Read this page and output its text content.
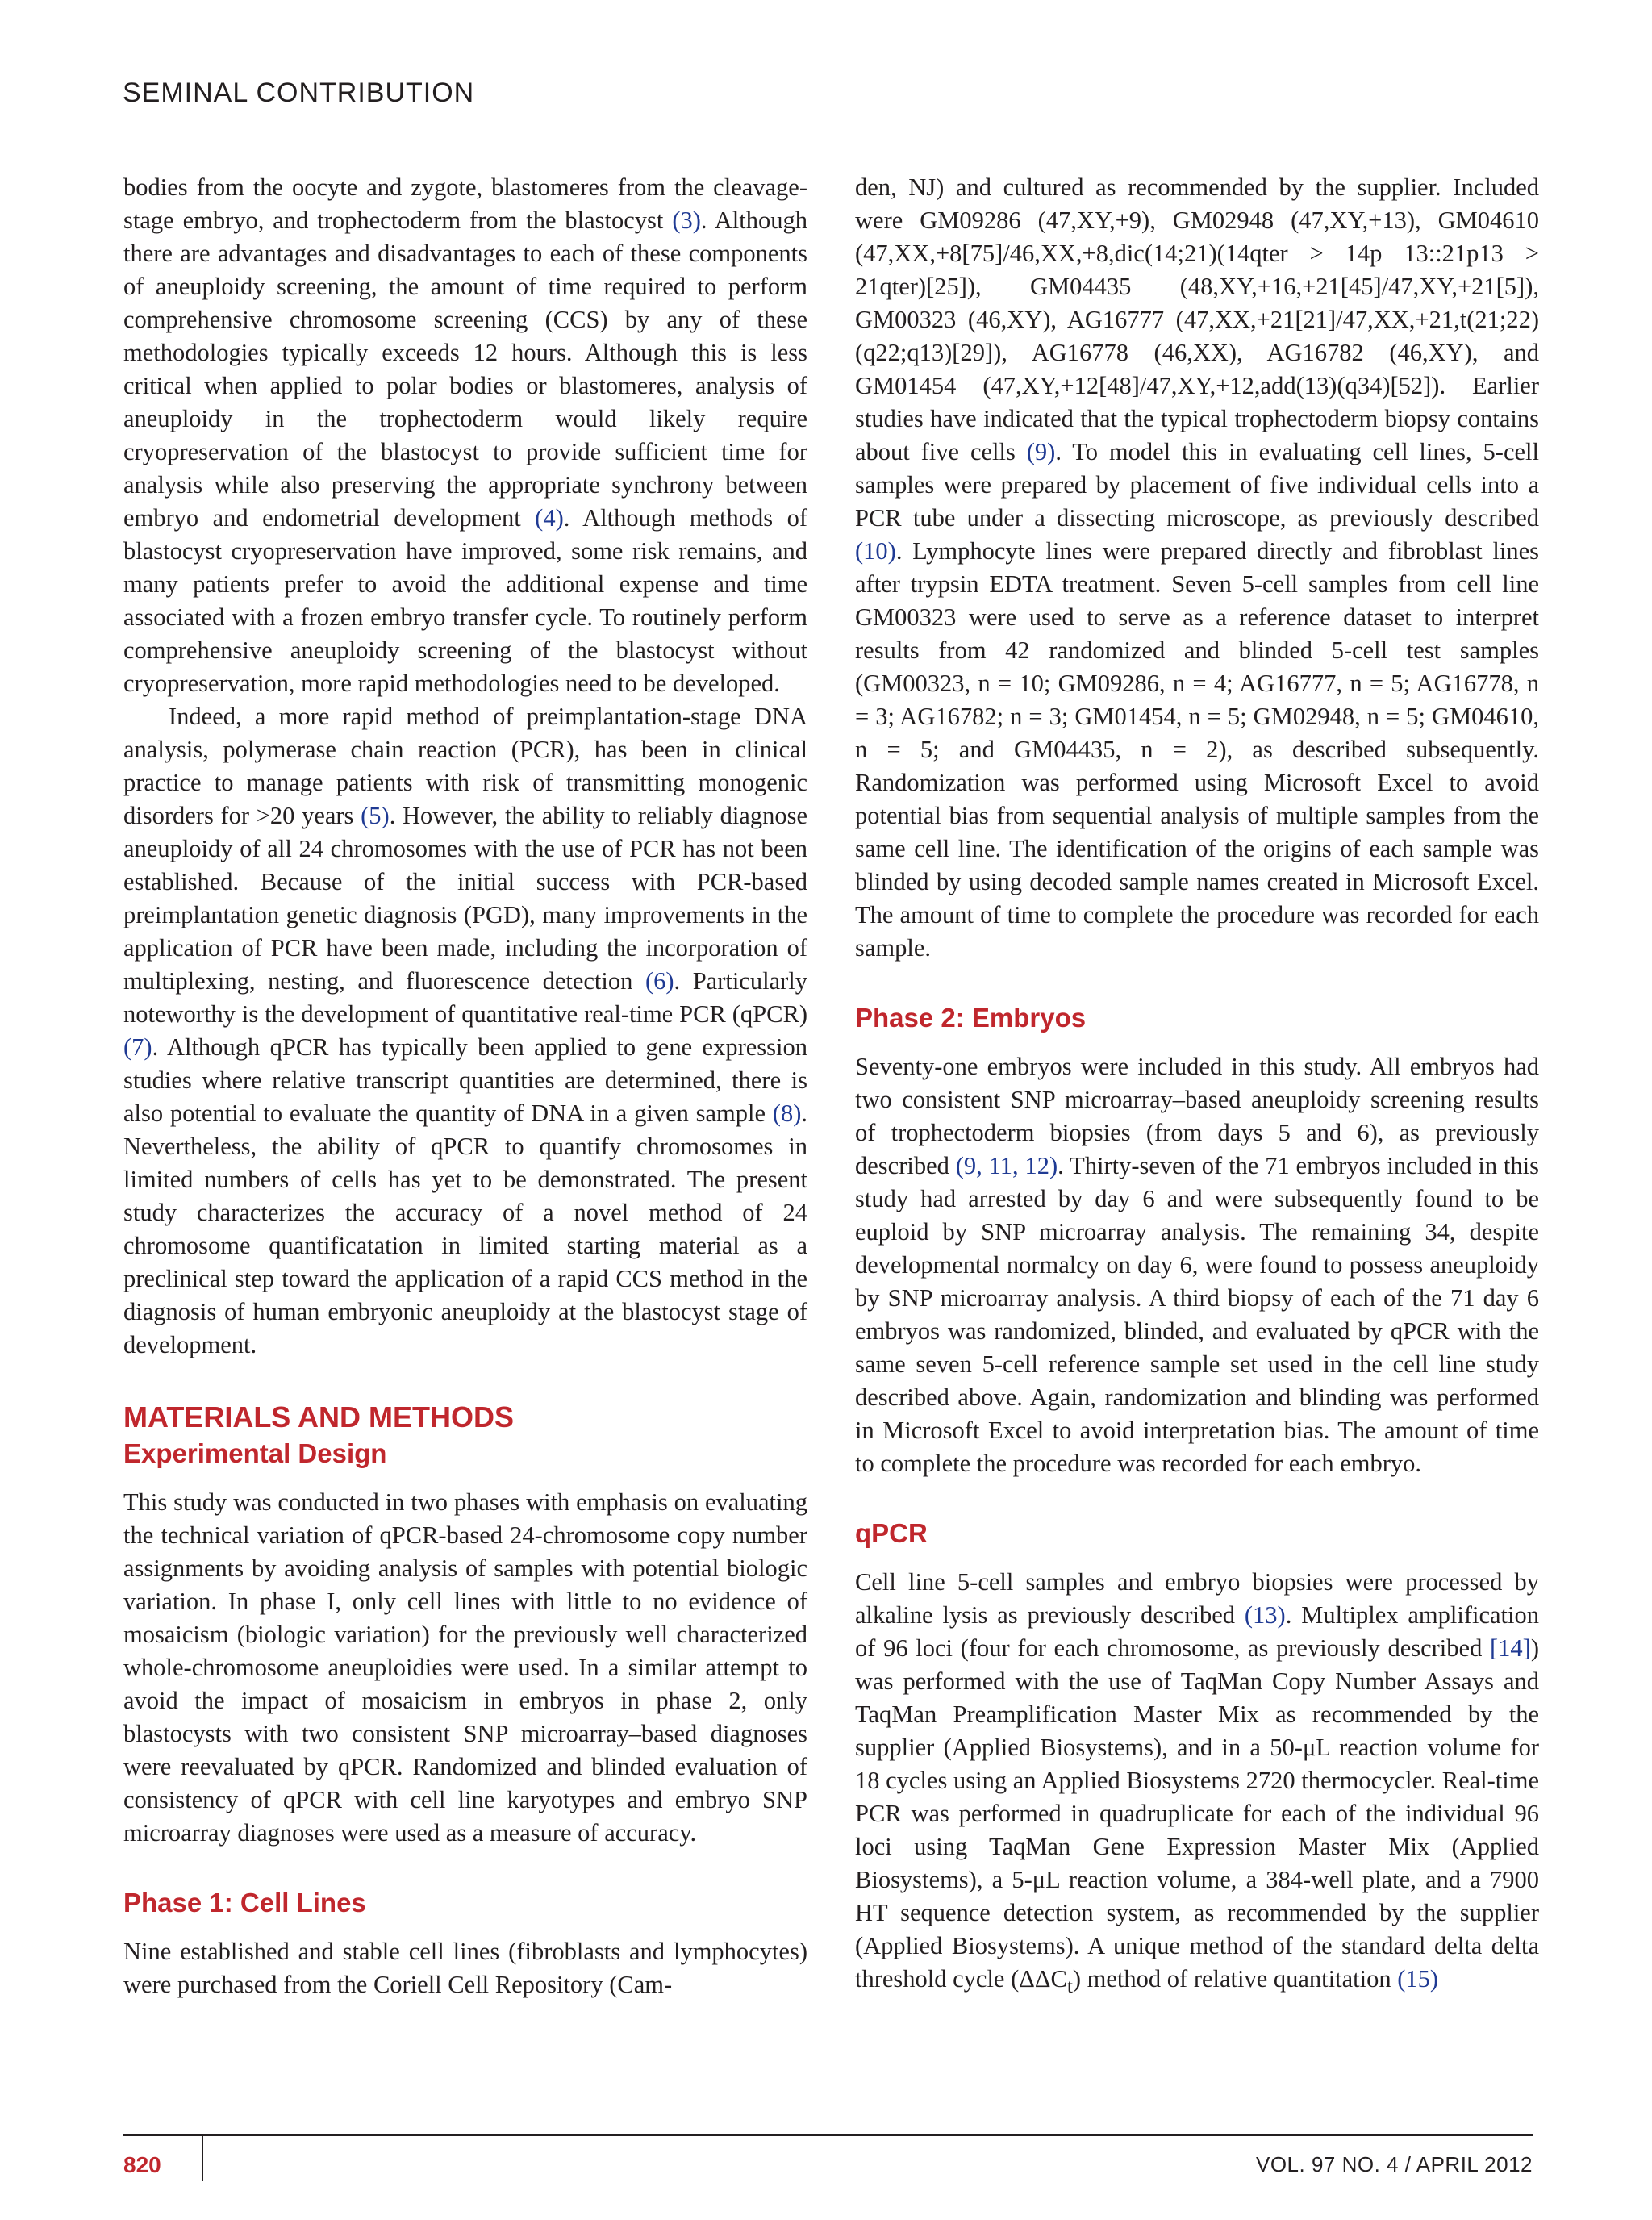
SEMINAL CONTRIBUTION

bodies from the oocyte and zygote, blastomeres from the cleavage-stage embryo, and trophectoderm from the blastocyst (3). Although there are advantages and disadvantages to each of these components of aneuploidy screening, the amount of time required to perform comprehensive chromosome screening (CCS) by any of these methodologies typically exceeds 12 hours. Although this is less critical when applied to polar bodies or blastomeres, analysis of aneuploidy in the trophectoderm would likely require cryopreservation of the blastocyst to provide sufficient time for analysis while also preserving the appropriate synchrony between embryo and endometrial development (4). Although methods of blastocyst cryopreservation have improved, some risk remains, and many patients prefer to avoid the additional expense and time associated with a frozen embryo transfer cycle. To routinely perform comprehensive aneuploidy screening of the blastocyst without cryopreservation, more rapid methodologies need to be developed.

Indeed, a more rapid method of preimplantation-stage DNA analysis, polymerase chain reaction (PCR), has been in clinical practice to manage patients with risk of transmitting monogenic disorders for >20 years (5). However, the ability to reliably diagnose aneuploidy of all 24 chromosomes with the use of PCR has not been established. Because of the initial success with PCR-based preimplantation genetic diagnosis (PGD), many improvements in the application of PCR have been made, including the incorporation of multiplexing, nesting, and fluorescence detection (6). Particularly noteworthy is the development of quantitative real-time PCR (qPCR) (7). Although qPCR has typically been applied to gene expression studies where relative transcript quantities are determined, there is also potential to evaluate the quantity of DNA in a given sample (8). Nevertheless, the ability of qPCR to quantify chromosomes in limited numbers of cells has yet to be demonstrated. The present study characterizes the accuracy of a novel method of 24 chromosome quantificatation in limited starting material as a preclinical step toward the application of a rapid CCS method in the diagnosis of human embryonic aneuploidy at the blastocyst stage of development.

MATERIALS AND METHODS
Experimental Design

This study was conducted in two phases with emphasis on evaluating the technical variation of qPCR-based 24-chromosome copy number assignments by avoiding analysis of samples with potential biologic variation. In phase I, only cell lines with little to no evidence of mosaicism (biologic variation) for the previously well characterized whole-chromosome aneuploidies were used. In a similar attempt to avoid the impact of mosaicism in embryos in phase 2, only blastocysts with two consistent SNP microarray–based diagnoses were reevaluated by qPCR. Randomized and blinded evaluation of consistency of qPCR with cell line karyotypes and embryo SNP microarray diagnoses were used as a measure of accuracy.

Phase 1: Cell Lines

Nine established and stable cell lines (fibroblasts and lymphocytes) were purchased from the Coriell Cell Repository (Cam-

den, NJ) and cultured as recommended by the supplier. Included were GM09286 (47,XY,+9), GM02948 (47,XY,+13), GM04610 (47,XX,+8[75]/46,XX,+8,dic(14;21)(14qter > 14p 13::21p13 > 21qter)[25]), GM04435 (48,XY,+16,+21[45]/47,XY,+21[5]), GM00323 (46,XY), AG16777 (47,XX,+21[21]/47,XX,+21,t(21;22)(q22;q13)[29]), AG16778 (46,XX), AG16782 (46,XY), and GM01454 (47,XY,+12[48]/47,XY,+12,add(13)(q34)[52]). Earlier studies have indicated that the typical trophectoderm biopsy contains about five cells (9). To model this in evaluating cell lines, 5-cell samples were prepared by placement of five individual cells into a PCR tube under a dissecting microscope, as previously described (10). Lymphocyte lines were prepared directly and fibroblast lines after trypsin EDTA treatment. Seven 5-cell samples from cell line GM00323 were used to serve as a reference dataset to interpret results from 42 randomized and blinded 5-cell test samples (GM00323, n = 10; GM09286, n = 4; AG16777, n = 5; AG16778, n = 3; AG16782; n = 3; GM01454, n = 5; GM02948, n = 5; GM04610, n = 5; and GM04435, n = 2), as described subsequently. Randomization was performed using Microsoft Excel to avoid potential bias from sequential analysis of multiple samples from the same cell line. The identification of the origins of each sample was blinded by using decoded sample names created in Microsoft Excel. The amount of time to complete the procedure was recorded for each sample.

Phase 2: Embryos

Seventy-one embryos were included in this study. All embryos had two consistent SNP microarray–based aneuploidy screening results of trophectoderm biopsies (from days 5 and 6), as previously described (9, 11, 12). Thirty-seven of the 71 embryos included in this study had arrested by day 6 and were subsequently found to be euploid by SNP microarray analysis. The remaining 34, despite developmental normalcy on day 6, were found to possess aneuploidy by SNP microarray analysis. A third biopsy of each of the 71 day 6 embryos was randomized, blinded, and evaluated by qPCR with the same seven 5-cell reference sample set used in the cell line study described above. Again, randomization and blinding was performed in Microsoft Excel to avoid interpretation bias. The amount of time to complete the procedure was recorded for each embryo.

qPCR

Cell line 5-cell samples and embryo biopsies were processed by alkaline lysis as previously described (13). Multiplex amplification of 96 loci (four for each chromosome, as previously described [14]) was performed with the use of TaqMan Copy Number Assays and TaqMan Preamplification Master Mix as recommended by the supplier (Applied Biosystems), and in a 50-μL reaction volume for 18 cycles using an Applied Biosystems 2720 thermocycler. Real-time PCR was performed in quadruplicate for each of the individual 96 loci using TaqMan Gene Expression Master Mix (Applied Biosystems), a 5-μL reaction volume, a 384-well plate, and a 7900 HT sequence detection system, as recommended by the supplier (Applied Biosystems). A unique method of the standard delta delta threshold cycle $(\Delta\Delta C_t)$ method of relative quantitation (15)

820	VOL. 97 NO. 4 / APRIL 2012
